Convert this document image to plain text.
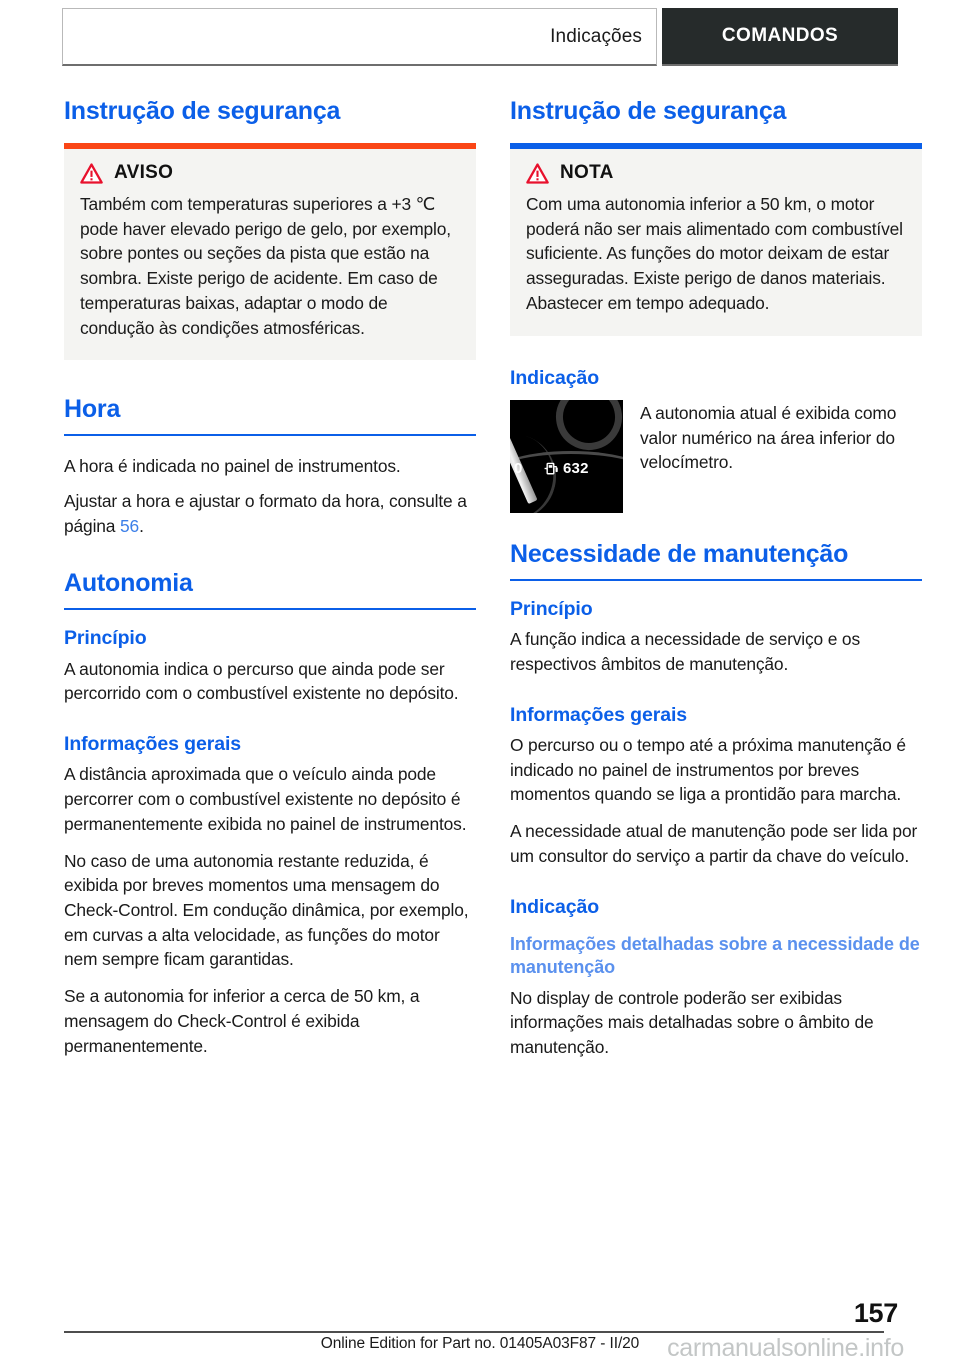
Indicações	COMANDOS
Instrução de segurança
AVISO

Também com temperaturas superiores a +3 ℃ pode haver elevado perigo de gelo, por exemplo, sobre pontes ou seções da pista que estão na sombra. Existe perigo de acidente. Em caso de temperaturas baixas, adaptar o modo de condução às condições atmosféricas.

Hora

A hora é indicada no painel de instrumentos.

Ajustar a hora e ajustar o formato da hora, consulte a página 56.

Autonomia
Princípio

A autonomia indica o percurso que ainda pode ser percorrido com o combustível existente no depósito.

Informações gerais

A distância aproximada que o veículo ainda pode percorrer com o combustível existente no depósito é permanentemente exibida no painel de instrumentos.

No caso de uma autonomia restante reduzida, é exibida por breves momentos uma mensagem do Check-Control. Em condução dinâmica, por exemplo, em curvas a alta velocidade, as funções do motor nem sempre ficam garantidas.

Se a autonomia for inferior a cerca de 50 km, a mensagem do Check-Control é exibida permanentemente.

Instrução de segurança
NOTA

Com uma autonomia inferior a 50 km, o motor poderá não ser mais alimentado com combustível suficiente. As funções do motor deixam de estar asseguradas. Existe perigo de danos materiais. Abastecer em tempo adequado.

Indicação
0	632

A autonomia atual é exibida como valor numérico na área inferior do velocímetro.

Necessidade de manutenção
Princípio

A função indica a necessidade de serviço e os respectivos âmbitos de manutenção.

Informações gerais

O percurso ou o tempo até a próxima manutenção é indicado no painel de instrumentos por breves momentos quando se liga a prontidão para marcha.

A necessidade atual de manutenção pode ser lida por um consultor do serviço a partir da chave do veículo.

Indicação
Informações detalhadas sobre a necessidade de manutenção

No display de controle poderão ser exibidas informações mais detalhadas sobre o âmbito de manutenção.

157
Online Edition for Part no. 01405A03F87 - II/20	carmanualsonline.info
